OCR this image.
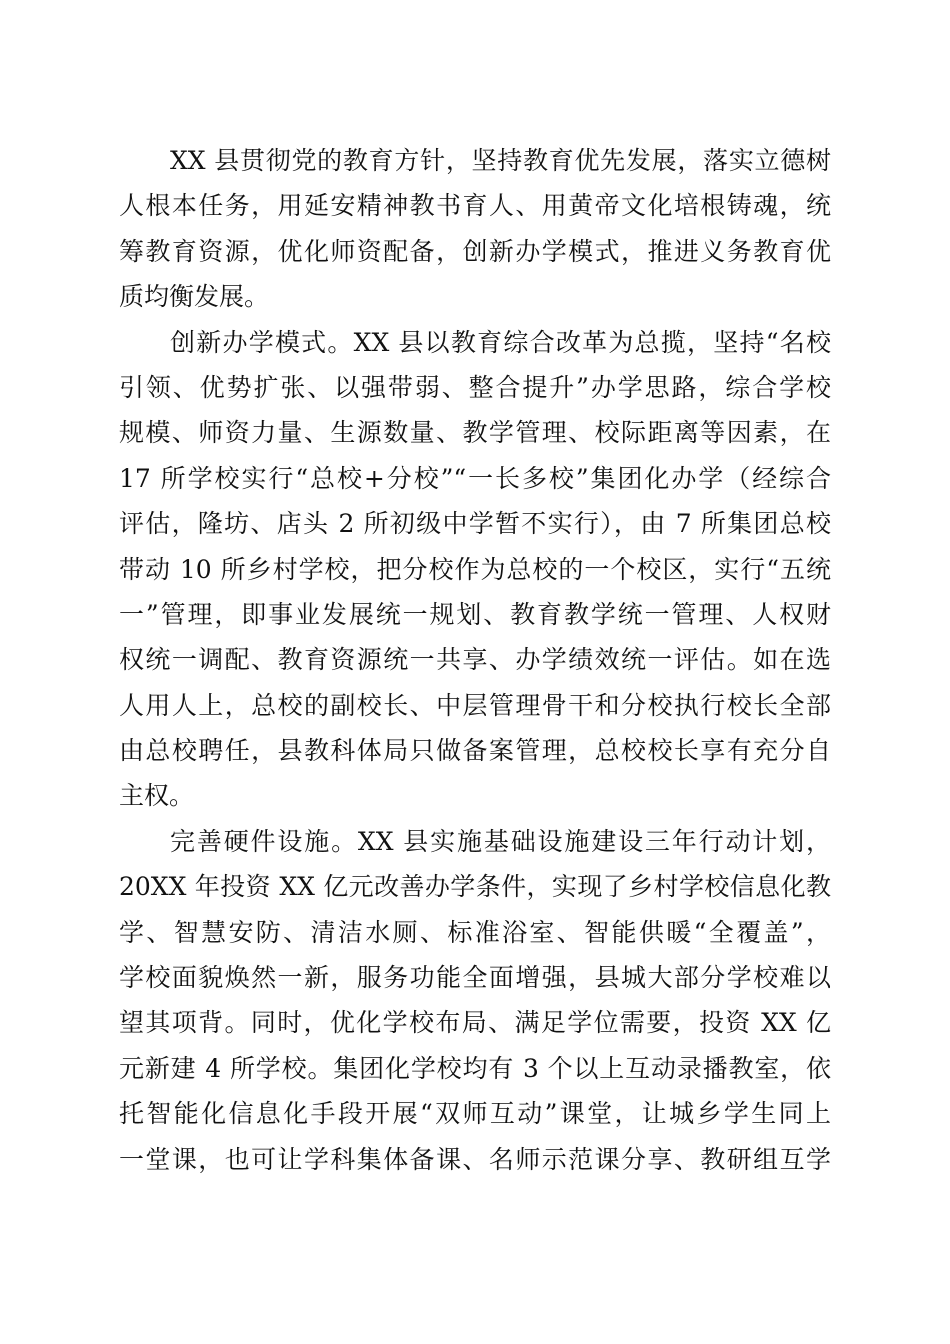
XX 县贯彻党的教育方针，坚持教育优先发展，落实立德树
人根本任务，用延安精神教书育人、用黄帝文化培根铸魂，统
筹教育资源，优化师资配备，创新办学模式，推进义务教育优
质均衡发展。
创新办学模式。XX 县以教育综合改革为总揽，坚持“名校
引领、优势扩张、以强带弱、整合提升”办学思路，综合学校
规模、师资力量、生源数量、教学管理、校际距离等因素，在
17 所学校实行“总校+分校”“一长多校”集团化办学（经综合
评估，隆坊、店头 2 所初级中学暂不实行），由 7 所集团总校
带动 10 所乡村学校，把分校作为总校的一个校区，实行“五统
一”管理，即事业发展统一规划、教育教学统一管理、人权财
权统一调配、教育资源统一共享、办学绩效统一评估。如在选
人用人上，总校的副校长、中层管理骨干和分校执行校长全部
由总校聘任，县教科体局只做备案管理，总校校长享有充分自
主权。
完善硬件设施。XX 县实施基础设施建设三年行动计划，
20XX 年投资 XX 亿元改善办学条件，实现了乡村学校信息化教
学、智慧安防、清洁水厕、标准浴室、智能供暖“全覆盖”，
学校面貌焕然一新，服务功能全面增强，县城大部分学校难以
望其项背。同时，优化学校布局、满足学位需要，投资 XX 亿
元新建 4 所学校。集团化学校均有 3 个以上互动录播教室，依
托智能化信息化手段开展“双师互动”课堂，让城乡学生同上
一堂课，也可让学科集体备课、名师示范课分享、教研组互学
